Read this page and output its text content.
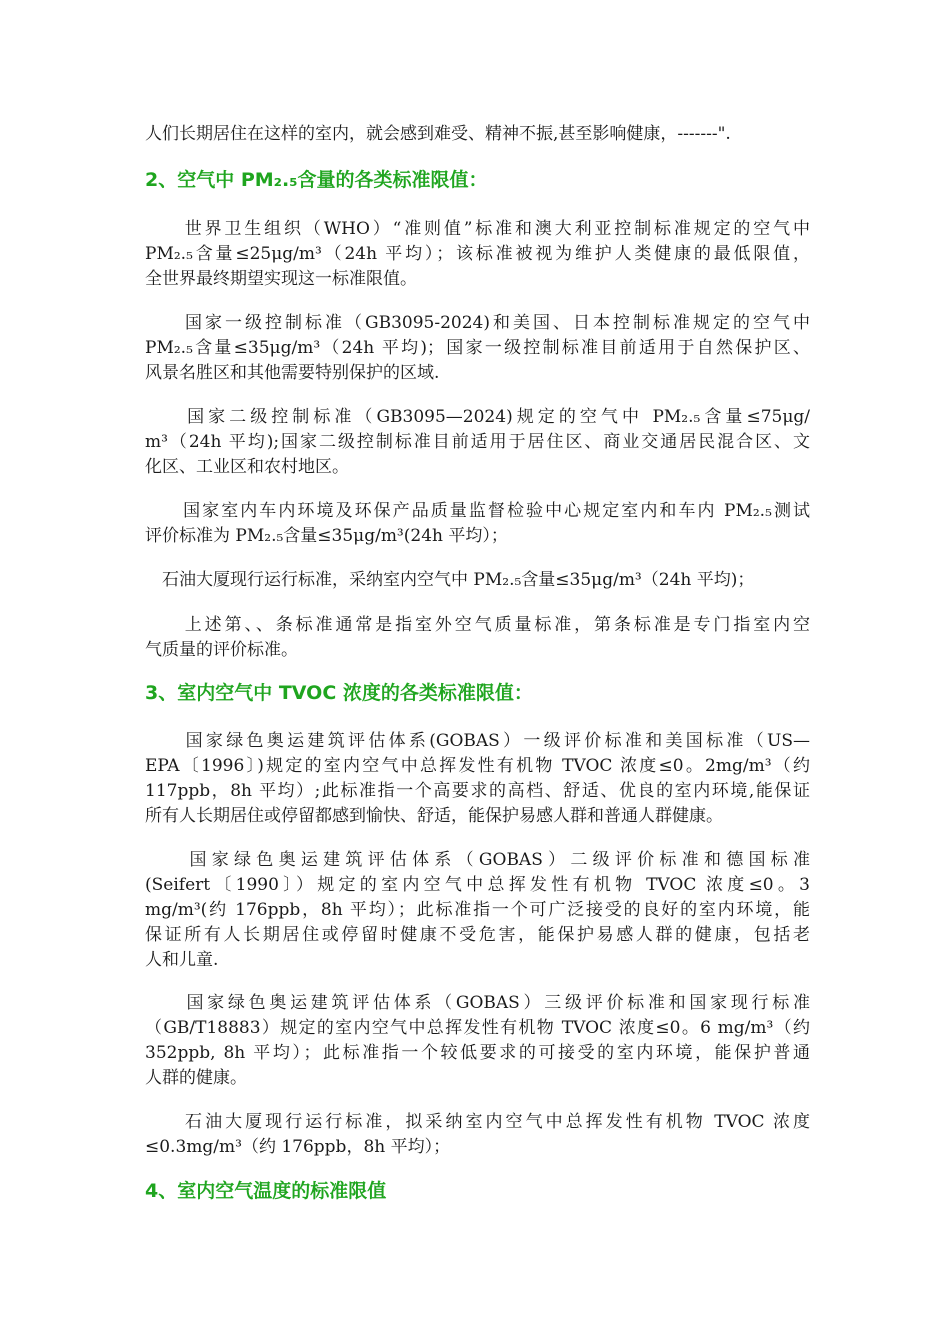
人们长期居住在这样的室内，就会感到难受、精神不振,甚至影响健康，-------".
2、空气中 PM₂.₅含量的各类标准限值：
　　世界卫生组织（WHO）“准则值”标准和澳大利亚控制标准规定的空气中
PM₂.₅含量≤25μg/m³（24h 平均）；该标准被视为维护人类健康的最低限值，
全世界最终期望实现这一标准限值。
　　国家一级控制标准（GB3095-2024)和美国、日本控制标准规定的空气中
PM₂.₅含量≤35μg/m³（24h 平均)；国家一级控制标准目前适用于自然保护区、
风景名胜区和其他需要特别保护的区域.
　　国家二级控制标准（GB3095—2024)规定的空气中 PM₂.₅含量≤75μg/
m³（24h 平均);国家二级控制标准目前适用于居住区、商业交通居民混合区、文
化区、工业区和农村地区。
　　国家室内车内环境及环保产品质量监督检验中心规定室内和车内 PM₂.₅测试
评价标准为 PM₂.₅含量≤35μg/m³(24h 平均）；
　石油大厦现行运行标准，采纳室内空气中 PM₂.₅含量≤35μg/m³（24h 平均)；
　　上述第、、条标准通常是指室外空气质量标准，第条标准是专门指室内空
气质量的评价标准。
3、室内空气中 TVOC 浓度的各类标准限值：
　　国家绿色奥运建筑评估体系(GOBAS）一级评价标准和美国标准（US—
EPA〔1996〕)规定的室内空气中总挥发性有机物 TVOC 浓度≤0。2mg/m³（约
117ppb，8h 平均）;此标准指一个高要求的高档、舒适、优良的室内环境,能保证
所有人长期居住或停留都感到愉快、舒适，能保护易感人群和普通人群健康。
　　国家绿色奥运建筑评估体系（GOBAS）二级评价标准和德国标准
(Seifert〔1990〕）规定的室内空气中总挥发性有机物 TVOC 浓度≤0。3
mg/m³(约 176ppb，8h 平均）；此标准指一个可广泛接受的良好的室内环境，能
保证所有人长期居住或停留时健康不受危害，能保护易感人群的健康，包括老
人和儿童.
　　国家绿色奥运建筑评估体系（GOBAS）三级评价标准和国家现行标准
（GB/T18883）规定的室内空气中总挥发性有机物 TVOC 浓度≤0。6 mg/m³（约
352ppb, 8h 平均）；此标准指一个较低要求的可接受的室内环境，能保护普通
人群的健康。
　　石油大厦现行运行标准，拟采纳室内空气中总挥发性有机物 TVOC 浓度
≤0.3mg/m³（约 176ppb，8h 平均）；
4、室内空气温度的标准限值
